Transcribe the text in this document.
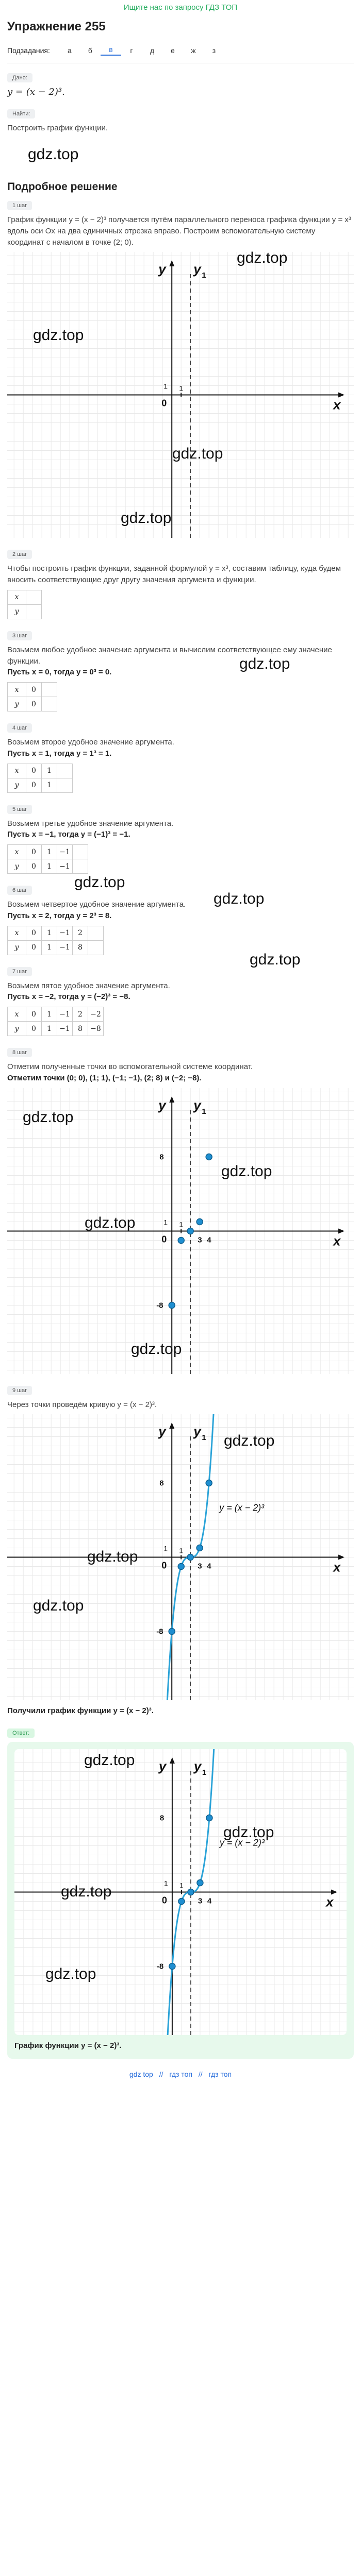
Ищите нас по запросу ГДЗ ТОП
Упражнение 255
Подзадания:	а	б	в	г	д	е	ж	з
Дано:
y = (x − 2)³.
Найти:
Построить график функции.
gdz.top
Подробное решение
1 шаг
График функции y = (x − 2)³ получается путём параллельного переноса графика функции y = x³ вдоль оси Ox на два единичных отрезка вправо. Построим вспомогательную систему координат с началом в точке (2; 0).
x
y y 1
0
1 1
gdz.top
gdz.top
gdz.top
gdz.top
2 шаг
Чтобы построить график функции, заданной формулой y = x³, составим таблицу, куда будем вносить соответствующие друг другу значения аргумента и функции.
x	
y	
3 шаг
Возьмем любое удобное значение аргумента и вычислим соответствующее ему значение функции.
Пусть x = 0, тогда y = 0³ = 0.
x	0	
y	0	
gdz.top
4 шаг
Возьмем второе удобное значение аргумента.
Пусть x = 1, тогда y = 1³ = 1.
x	0	1	
y	0	1	
5 шаг
Возьмем третье удобное значение аргумента.
Пусть x = −1, тогда y = (−1)³ = −1.
x	0	1	−1	
y	0	1	−1	
6 шаг
Возьмем четвертое удобное значение аргумента.
Пусть x = 2, тогда y = 2³ = 8.
x	0	1	−1	2	
y	0	1	−1	8	
gdz.top
gdz.top
7 шаг
Возьмем пятое удобное значение аргумента.
Пусть x = −2, тогда y = (−2)³ = −8.
x	0	1	−1	2	−2
y	0	1	−1	8	−8
gdz.top
8 шаг
Отметим полученные точки во вспомогательной системе координат.
Отметим точки (0; 0), (1; 1), (−1; −1), (2; 8) и (−2; −8).
x
y y 1
0
1 1
8
-8
3 4
gdz.top
gdz.top
gdz.top
gdz.top
9 шаг
Через точки проведём кривую y = (x − 2)³.
x
y y 1
0
1 1
8
-8
3 4
y = (x − 2)³
gdz.top
gdz.top
gdz.top
Получили график функции y = (x − 2)³.
Ответ:
x
y y 1
0
1 1
8
-8
3 4
y = (x − 2)³
gdz.top
gdz.top
gdz.top
gdz.top
График функции y = (x − 2)³.
gdz top // гдз топ // гдз топ
